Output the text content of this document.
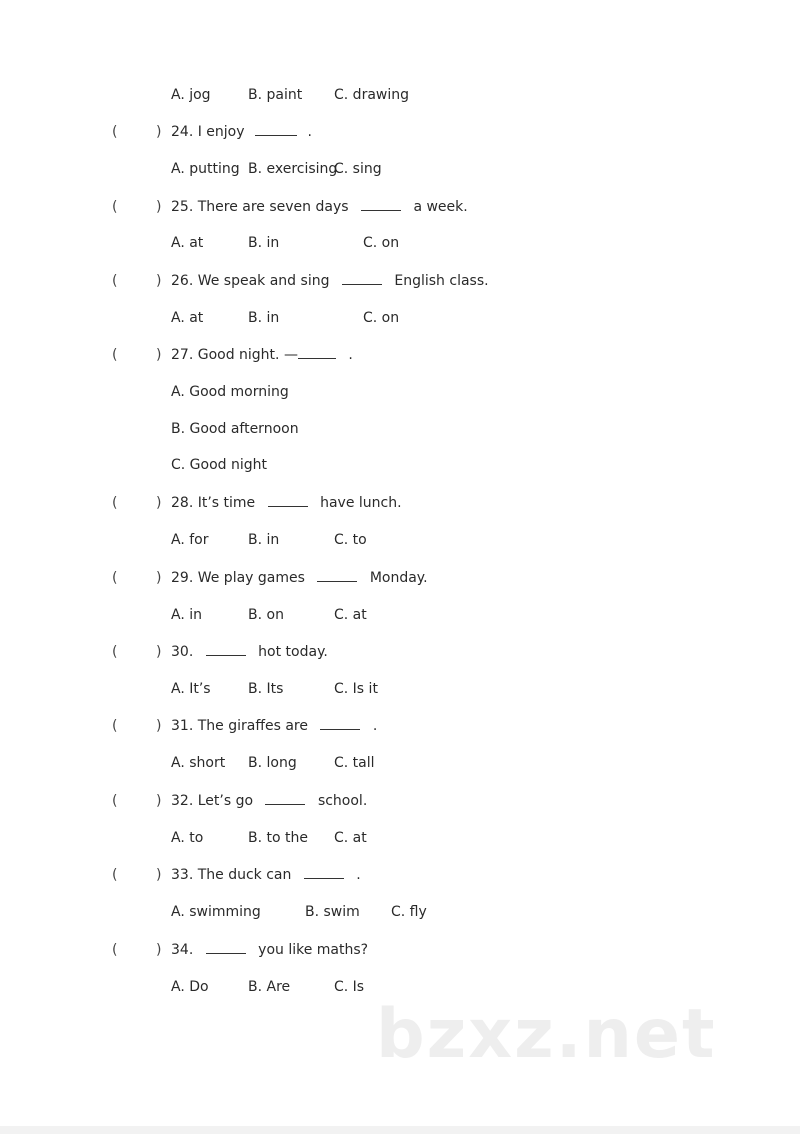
A. jog	B. paint C. drawing
(	) 24. I enjoy	.
A. putting B. exercising
C. sing
(	) 25. There are seven days	a week.
A. at	B. in	C. on
(	) 26. We speak and sing	English class.
A. at	B. in	C. on
(	) 27. Good night. —	.
A. Good morning
B. Good afternoon
C. Good night
(	) 28. It’s time	have lunch.
A. for	B. in	C. to
(	) 29. We play games	Monday.
A. in	B. on	C. at
(	) 30.	hot today.
A. It’s	B. Its	C. Is it
(	) 31. The giraffes are	.
A. short B. long	C. tall
(	) 32. Let’s go	school.
A. to	B. to the C. at
(	) 33. The duck can	.
A. swimming	B. swim C. fly
(	) 34.	you like maths?
A. Do	B. Are	C. Is
bzxz.net
